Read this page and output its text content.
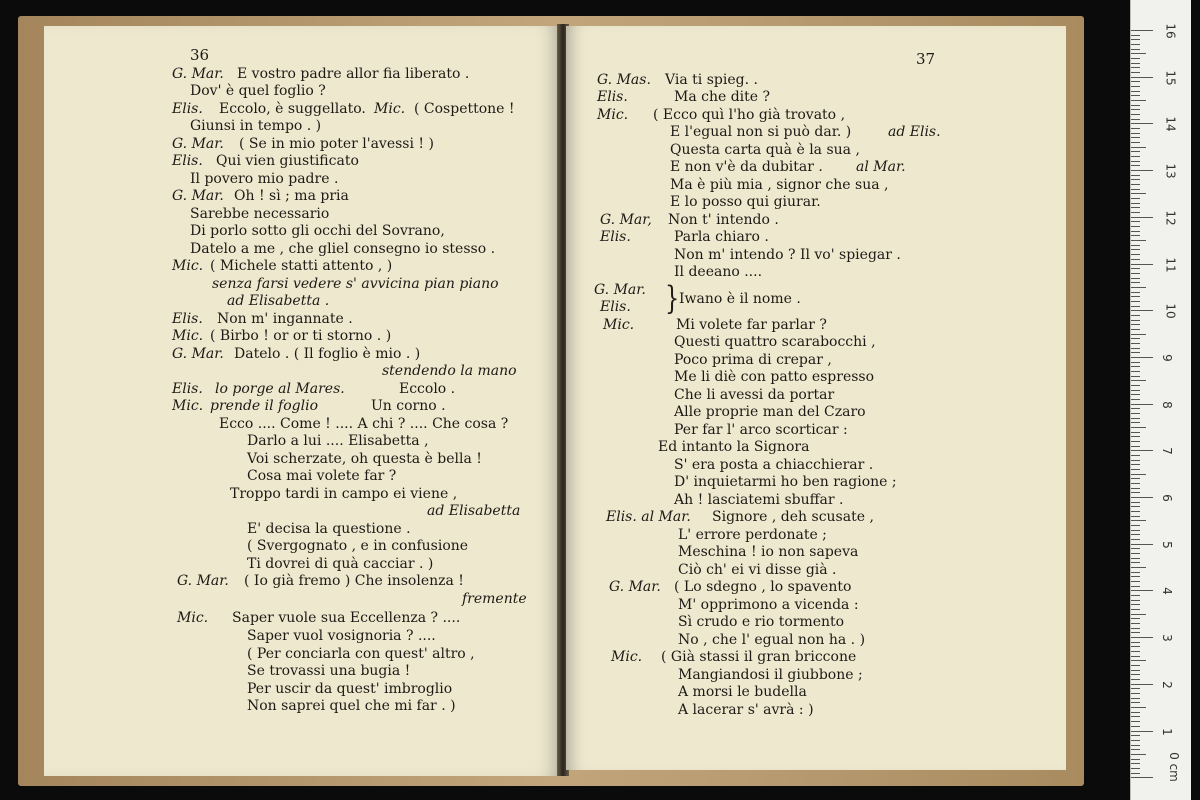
36
G. Mar. E vostro padre allor fia liberato .
Dov' è quel foglio ?
Elis. Eccolo, è suggellato. Mic. ( Cospettone !
Giunsi in tempo . )
G. Mar. ( Se in mio poter l'avessi ! )
Elis. Qui vien giustificato
Il povero mio padre .
G. Mar. Oh ! sì ; ma pria
Sarebbe necessario
Di porlo sotto gli occhi del Sovrano,
Datelo a me , che gliel consegno io stesso .
Mic. ( Michele statti attento , )
senza farsi vedere s' avvicina pian piano
ad Elisabetta .
Elis. Non m' ingannate .
Mic. ( Birbo ! or or ti storno . )
G. Mar. Datelo . ( Il foglio è mio . )
stendendo la mano
Elis. lo porge al Mares.	Eccolo .
Mic. prende il foglio	Un corno .
Ecco .... Come ! .... A chi ? .... Che cosa ?
Darlo a lui .... Elisabetta ,
Voi scherzate, oh questa è bella !
Cosa mai volete far ?
Troppo tardi in campo ei viene ,
ad Elisabetta
E' decisa la questione .
( Svergognato , e in confusione
Ti dovrei di quà cacciar . )
G. Mar. ( Io già fremo ) Che insolenza !
fremente
Mic. Saper vuole sua Eccellenza ? ....
Saper vuol vosignoria ? ....
( Per conciarla con quest' altro ,
Se trovassi una bugia !
Per uscir da quest' imbroglio
Non saprei quel che mi far . )
37
G. Mas. Via ti spieg. .
Elis.	Ma che dite ?
Mic. ( Ecco quì l'ho già trovato ,
E l'egual non si può dar. )	ad Elis.
Questa carta quà è la sua ,
E non v'è da dubitar . al Mar.
Ma è più mia , signor che sua ,
E lo posso qui giurar.
G. Mar, Non t' intendo .
Elis.	Parla chiaro .
Non m' intendo ? Il vo' spiegar .
Il deeano ....
G. Mar.
Iwano è il nome .
Elis.
Mic.	Mi volete far parlar ?
Questi quattro scarabocchi ,
Poco prima di crepar ,
Me li diè con patto espresso
Che li avessi da portar
Alle proprie man del Czaro
Per far l' arco scorticar :
Ed intanto la Signora
S' era posta a chiacchierar .
D' inquietarmi ho ben ragione ;
Ah ! lasciatemi sbuffar .
Elis. al Mar. Signore , deh scusate ,
L' errore perdonate ;
Meschina ! io non sapeva
Ciò ch' ei vi disse già .
G. Mar. ( Lo sdegno , lo spavento
M' opprimono a vicenda :
Sì crudo e rio tormento
No , che l' egual non ha . )
Mic. ( Già stassi il gran briccone
Mangiandosi il giubbone ;
A morsi le budella
A lacerar s' avrà : )
}
16
15
14
13
12
11
10
9
8
7
6
5
4
3
2
1
0 cm
